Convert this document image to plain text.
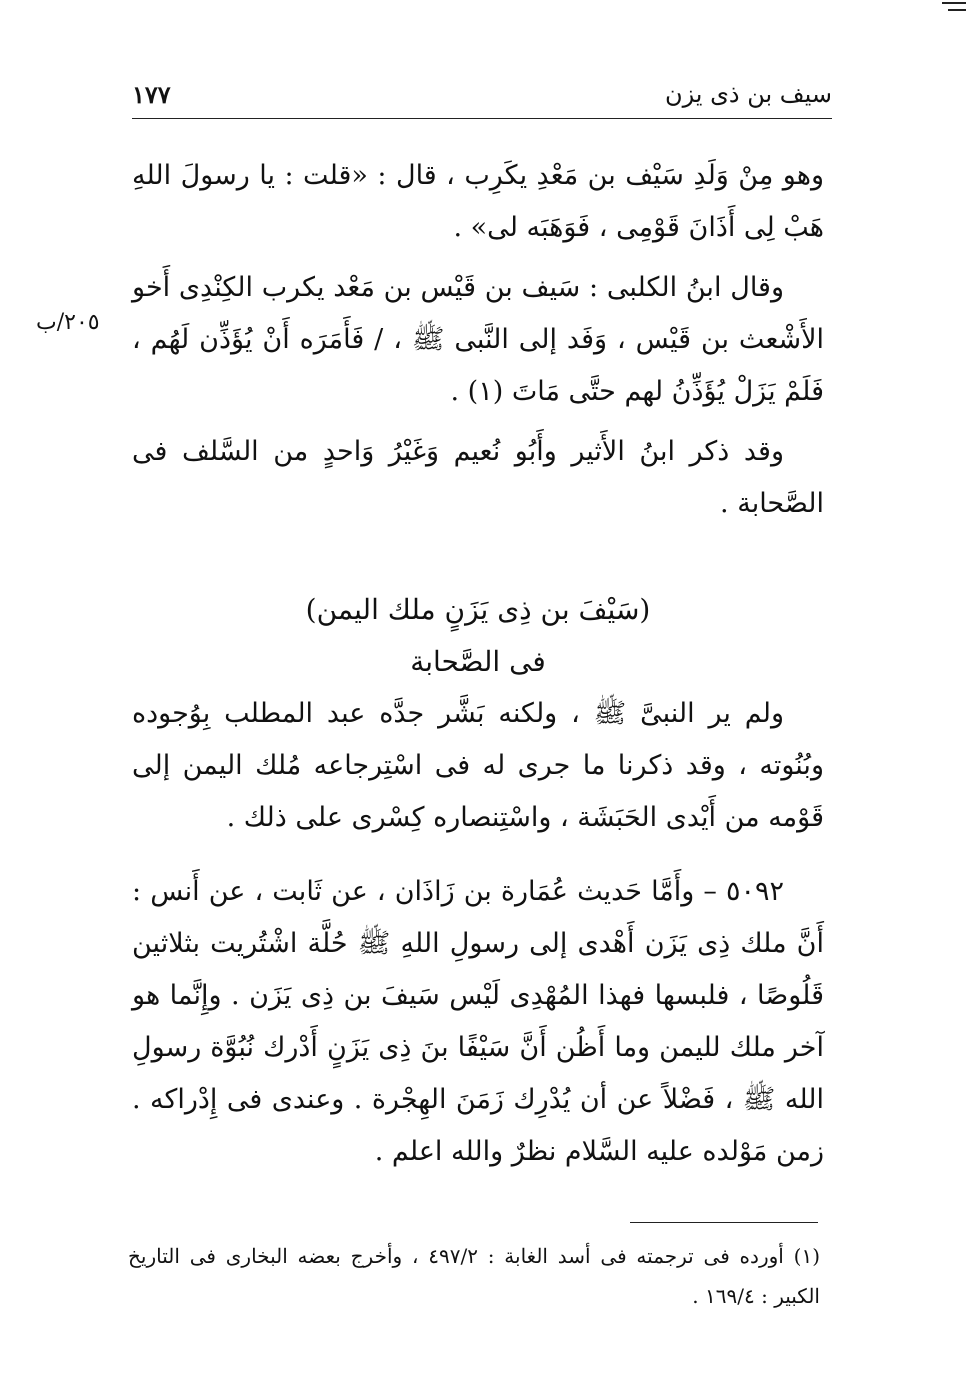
سيف بن ذى يزن
١٧٧
٢٠٥/ب

وهو مِنْ وَلَدِ سَيْف بن مَعْدِ يكَرِب ، قال : «قلت : يا رسولَ اللهِ هَبْ لِى أَذَانَ قَوْمِى ، فَوَهَبَه لى» .

وقال ابنُ الكلبى : سَيف بن قَيْس بن مَعْد يكرب الكِنْدِى أَخو الأَشْعث بن قَيْس ، وَفَد إلى النَّبى ﷺ ، / فَأَمَرَه أَنْ يُؤَذِّن لَهُم ، فَلَمْ يَزَلْ يُؤَذِّنُ لهم حتَّى مَاتَ (١) .

وقد ذكر ابنُ الأَثير وأَبُو نُعيم وَغَيْرُ وَاحدٍ من السَّلف فى الصَّحابة .

(سَيْفَ بن ذِى يَزَنٍ ملك اليمن)
فى الصَّحابة

ولم ير النبىَّ ﷺ ، ولكنه بَشَّر جدَّه عبد المطلب بِوُجوده وبُنُوته ، وقد ذكرنا ما جرى له فى اسْتِرجاعه مُلك اليمن إلى قَوْمه من أَيْدى الحَبَشَة ، واسْتِنصاره كِسْرى على ذلك .

٥٠٩٢ – وأَمَّا حَديث عُمَارة بن زَاذَان ، عن ثَابت ، عن أَنس : أَنَّ ملك ذِى يَزَن أَهْدى إلى رسولِ اللهِ ﷺ حُلَّة اشْتُريت بثلاثين قَلُوصًا ، فلبسها فهذا المُهْدِى لَيْس سَيفَ بن ذِى يَزَن . وإِنَّما هو آخر ملك لليمن وما أَظُن أَنَّ سَيْفًا بنَ ذِى يَزَنٍ أَدْرك نُبُوَّة رسولِ الله ﷺ ، فَضْلاً عن أن يُدْرِك زَمَنَ الهِجْرة . وعندى فى إِدْراكه . زمن مَوْلده عليه السَّلام نظرٌ والله اعلم .

(١) أورده فى ترجمته فى أسد الغابة : ٤٩٧/٢ ، وأخرج بعضه البخارى فى التاريخ الكبير : ١٦٩/٤ .
